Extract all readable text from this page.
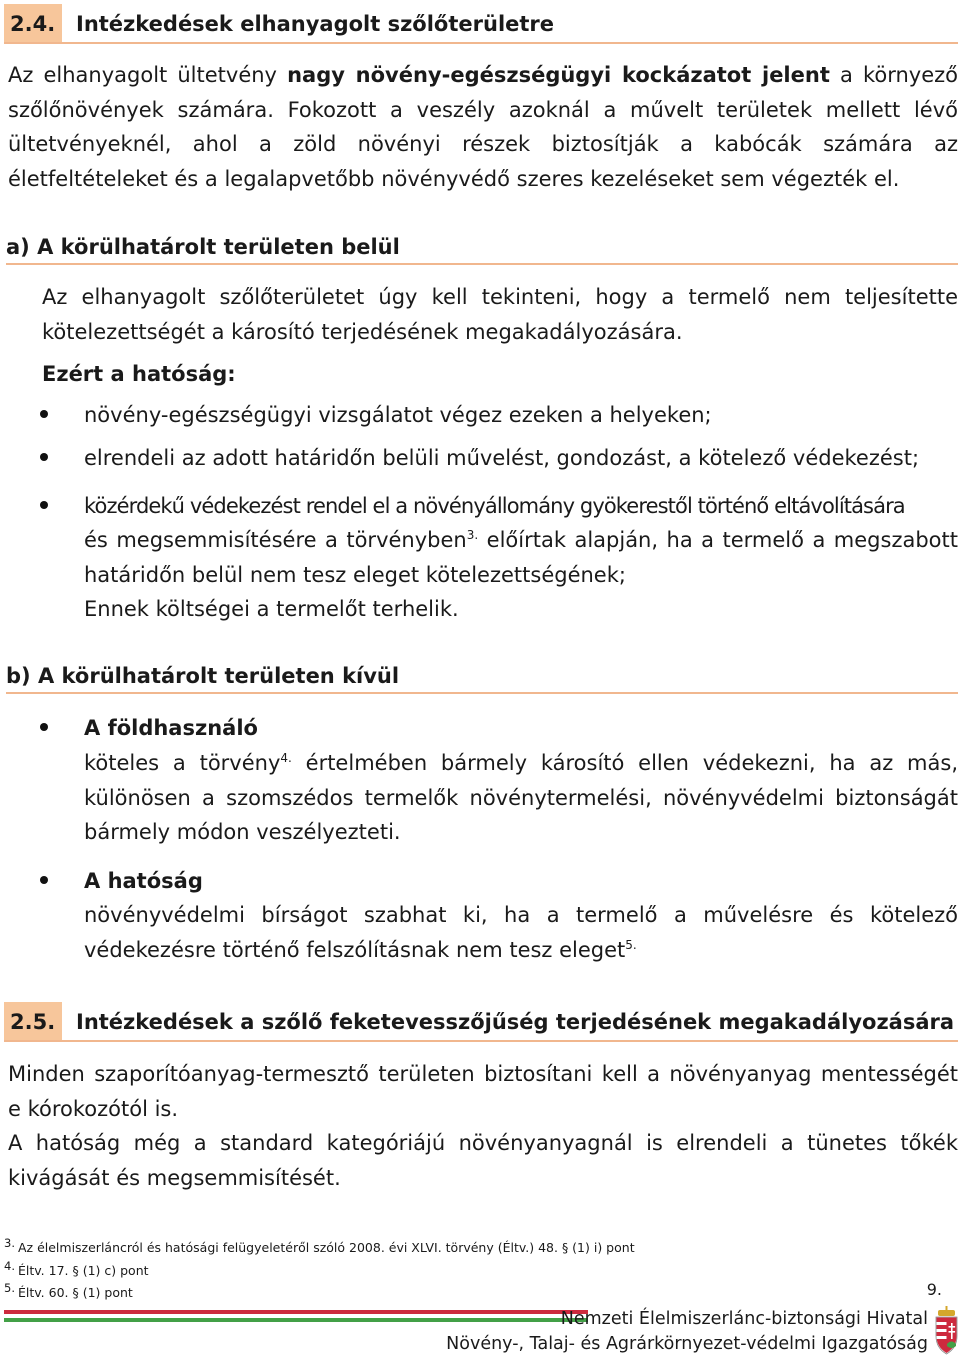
2.4. Intézkedések elhanyagolt szőlőterületre

Az elhanyagolt ültetvény nagy növény-egészségügyi kockázatot jelent a környező szőlőnövények számára. Fokozott a veszély azoknál a művelt területek mellett lévő ültetvényeknél, ahol a zöld növényi részek biztosítják a kabócák számára az életfeltételeket és a legalapvetőbb növényvédő szeres kezeléseket sem végezték el.

a) A körülhatárolt területen belül

Az elhanyagolt szőlőterületet úgy kell tekinteni, hogy a termelő nem teljesítette kötelezettségét a károsító terjedésének megakadályozására.

Ezért a hatóság:
növény-egészségügyi vizsgálatot végez ezeken a helyeken;
elrendeli az adott határidőn belüli művelést, gondozást, a kötelező védekezést;
közérdekű védekezést rendel el a növényállomány gyökerestől történő eltávolítására

és megsemmisítésére a törvényben$^{3.}$ előírtak alapján, ha a termelő a megszabott határidőn belül nem tesz eleget kötelezettségének;

Ennek költségei a termelőt terhelik.
b) A körülhatárolt területen kívül
A földhasználó

köteles a törvény$^{4.}$ értelmében bármely károsító ellen védekezni, ha az más, különösen a szomszédos termelők növénytermelési, növényvédelmi biztonságát bármely módon veszélyezteti.

A hatóság

növényvédelmi bírságot szabhat ki, ha a termelő a művelésre és kötelező védekezésre történő felszólításnak nem tesz eleget$^{5.}$

2.5. Intézkedések a szőlő feketevesszőjűség terjedésének megakadályozására

Minden szaporítóanyag-termesztő területen biztosítani kell a növényanyag mentességét e kórokozótól is.

A hatóság még a standard kategóriájú növényanyagnál is elrendeli a tünetes tőkék kivágását és megsemmisítését.

3. Az élelmiszerláncról és hatósági felügyeletéről szóló 2008. évi XLVI. törvény (Éltv.) 48. § (1) i) pont
4. Éltv. 17. § (1) c) pont
5. Éltv. 60. § (1) pont	9.
Nemzeti Élelmiszerlánc-biztonsági Hivatal
Növény-, Talaj- és Agrárkörnyezet-védelmi Igazgatóság
